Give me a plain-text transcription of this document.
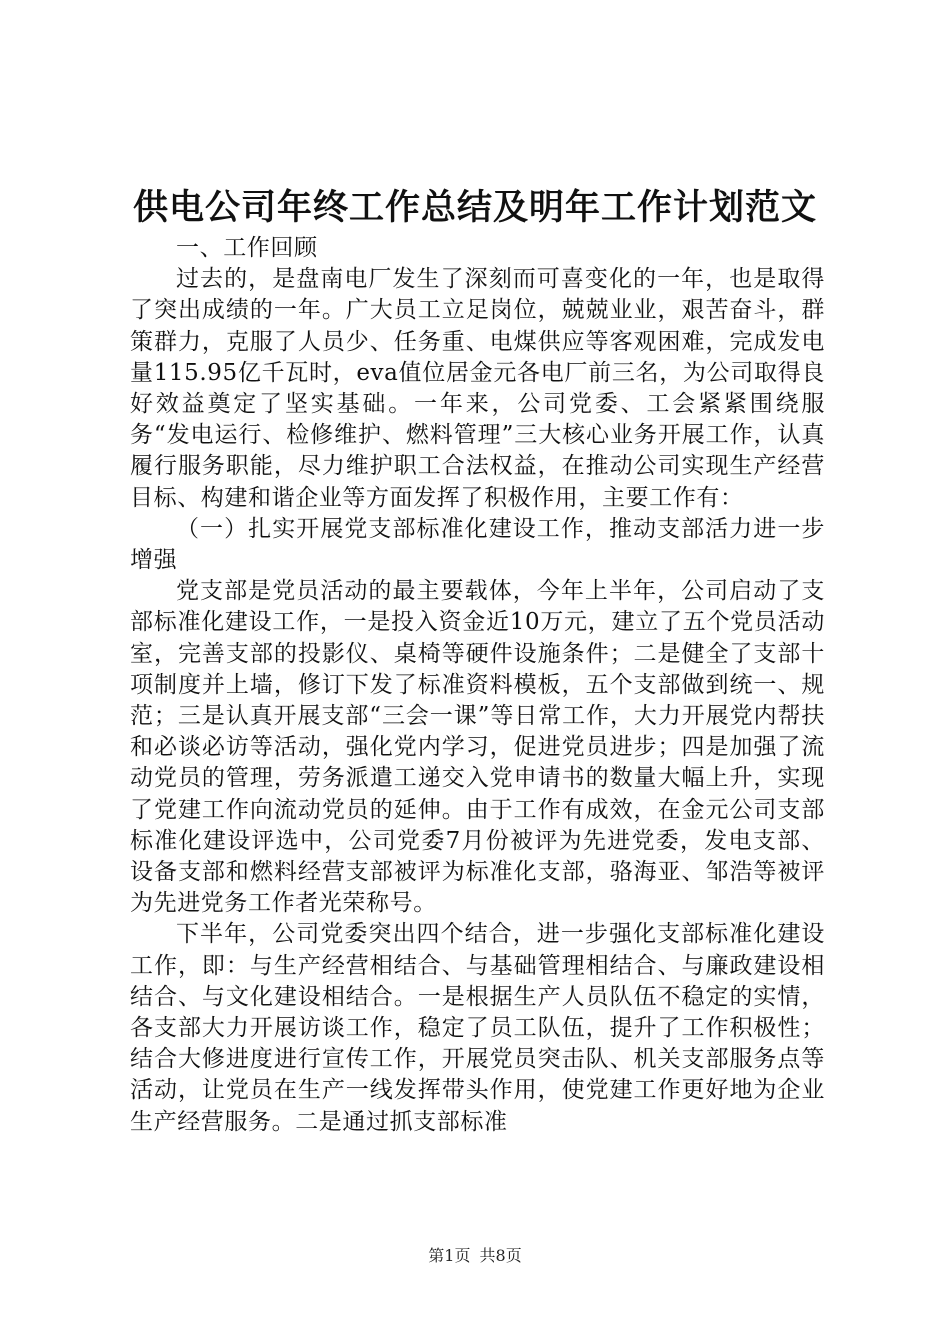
供电公司年终工作总结及明年工作计划范文

一、工作回顾

过去的，是盘南电厂发生了深刻而可喜变化的一年，也是取得了突出成绩的一年。广大员工立足岗位，兢兢业业，艰苦奋斗，群策群力，克服了人员少、任务重、电煤供应等客观困难，完成发电量115.95亿千瓦时，eva值位居金元各电厂前三名，为公司取得良好效益奠定了坚实基础。一年来，公司党委、工会紧紧围绕服务“发电运行、检修维护、燃料管理”三大核心业务开展工作，认真履行服务职能，尽力维护职工合法权益，在推动公司实现生产经营目标、构建和谐企业等方面发挥了积极作用，主要工作有：

（一）扎实开展党支部标准化建设工作，推动支部活力进一步增强

党支部是党员活动的最主要载体，今年上半年，公司启动了支部标准化建设工作，一是投入资金近10万元，建立了五个党员活动室，完善支部的投影仪、桌椅等硬件设施条件；二是健全了支部十项制度并上墙，修订下发了标准资料模板，五个支部做到统一、规范；三是认真开展支部“三会一课”等日常工作，大力开展党内帮扶和必谈必访等活动，强化党内学习，促进党员进步；四是加强了流动党员的管理，劳务派遣工递交入党申请书的数量大幅上升，实现了党建工作向流动党员的延伸。由于工作有成效，在金元公司支部标准化建设评选中，公司党委7月份被评为先进党委，发电支部、设备支部和燃料经营支部被评为标准化支部，骆海亚、邹浩等被评为先进党务工作者光荣称号。

下半年，公司党委突出四个结合，进一步强化支部标准化建设工作，即：与生产经营相结合、与基础管理相结合、与廉政建设相结合、与文化建设相结合。一是根据生产人员队伍不稳定的实情，各支部大力开展访谈工作，稳定了员工队伍，提升了工作积极性；结合大修进度进行宣传工作，开展党员突击队、机关支部服务点等活动，让党员在生产一线发挥带头作用，使党建工作更好地为企业生产经营服务。二是通过抓支部标准

第1页 共8页
